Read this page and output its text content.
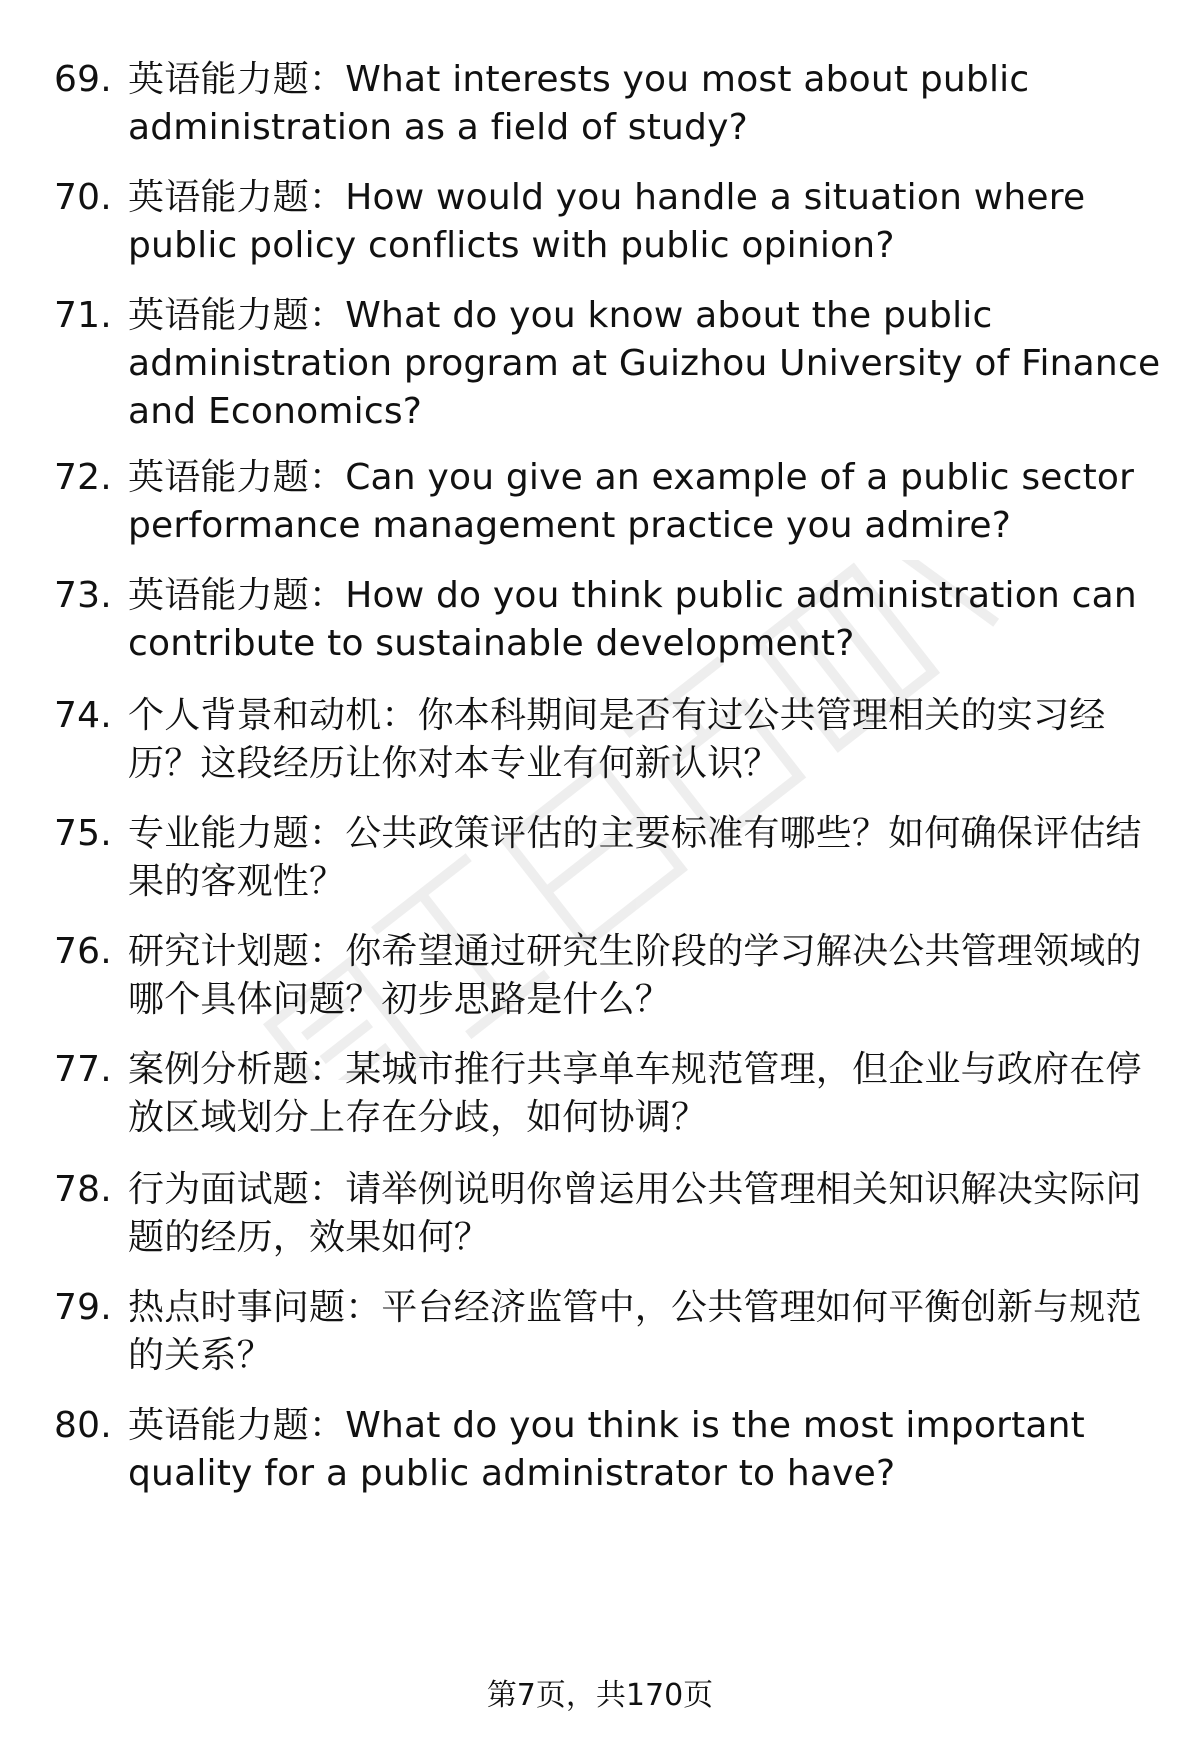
69. 英语能力题：What interests you most about public
administration as a field of study?
70. 英语能力题：How would you handle a situation where
public policy conflicts with public opinion?
71. 英语能力题：What do you know about the public
administration program at Guizhou University of Finance
and Economics?
72. 英语能力题：Can you give an example of a public sector
performance management practice you admire?
73. 英语能力题：How do you think public administration can
contribute to sustainable development?
74. 个人背景和动机：你本科期间是否有过公共管理相关的实习经
历？这段经历让你对本专业有何新认识？
75. 专业能力题：公共政策评估的主要标准有哪些？如何确保评估结
果的客观性？
76. 研究计划题：你希望通过研究生阶段的学习解决公共管理领域的
哪个具体问题？初步思路是什么？
77. 案例分析题：某城市推行共享单车规范管理，但企业与政府在停
放区域划分上存在分歧，如何协调？
78. 行为面试题：请举例说明你曾运用公共管理相关知识解决实际问
题的经历，效果如何？
79. 热点时事问题：平台经济监管中，公共管理如何平衡创新与规范
的关系？
80. 英语能力题：What do you think is the most important
quality for a public administrator to have?
第7页，共170页
